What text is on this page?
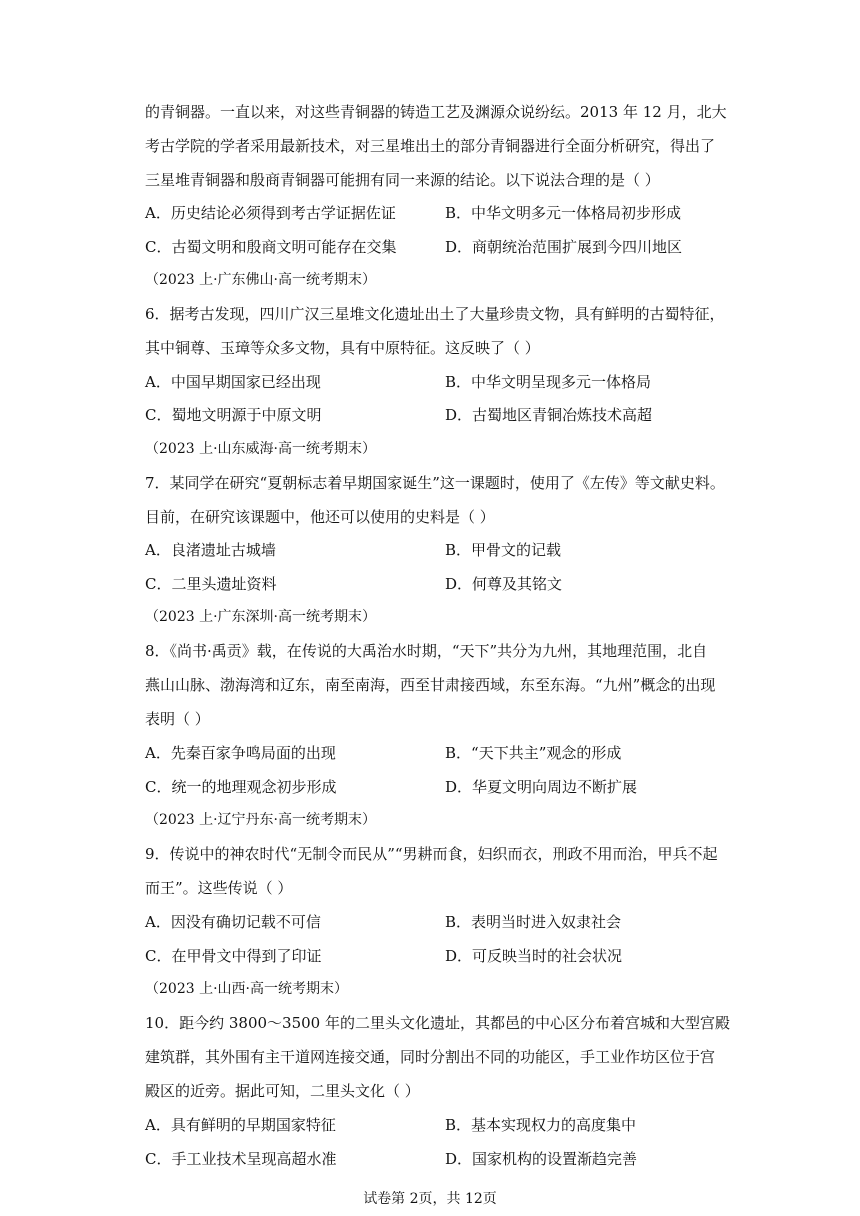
的青铜器。一直以来，对这些青铜器的铸造工艺及渊源众说纷纭。2013 年 12 月，北大
考古学院的学者采用最新技术，对三星堆出土的部分青铜器进行全面分析研究，得出了
三星堆青铜器和殷商青铜器可能拥有同一来源的结论。以下说法合理的是（ ）
A．历史结论必须得到考古学证据佐证	B．中华文明多元一体格局初步形成
C．古蜀文明和殷商文明可能存在交集	D．商朝统治范围扩展到今四川地区
（2023 上·广东佛山·高一统考期末）
6．据考古发现，四川广汉三星堆文化遗址出土了大量珍贵文物，具有鲜明的古蜀特征，
其中铜尊、玉璋等众多文物，具有中原特征。这反映了（ ）
A．中国早期国家已经出现	B．中华文明呈现多元一体格局
C．蜀地文明源于中原文明	D．古蜀地区青铜冶炼技术高超
（2023 上·山东威海·高一统考期末）
7．某同学在研究“夏朝标志着早期国家诞生”这一课题时，使用了《左传》等文献史料。
目前，在研究该课题中，他还可以使用的史料是（ ）
A．良渚遗址古城墙	B．甲骨文的记载
C．二里头遗址资料	D．何尊及其铭文
（2023 上·广东深圳·高一统考期末）
8．《尚书·禹贡》载，在传说的大禹治水时期，“天下”共分为九州，其地理范围，北自
燕山山脉、渤海湾和辽东，南至南海，西至甘肃接西域，东至东海。“九州”概念的出现
表明（ ）
A．先秦百家争鸣局面的出现	B．“天下共主”观念的形成
C．统一的地理观念初步形成	D．华夏文明向周边不断扩展
（2023 上·辽宁丹东·高一统考期末）
9．传说中的神农时代“无制令而民从”“男耕而食，妇织而衣，刑政不用而治，甲兵不起
而王”。这些传说（ ）
A．因没有确切记载不可信	B．表明当时进入奴隶社会
C．在甲骨文中得到了印证	D．可反映当时的社会状况
（2023 上·山西·高一统考期末）
10．距今约 3800～3500 年的二里头文化遗址，其都邑的中心区分布着宫城和大型宫殿
建筑群，其外围有主干道网连接交通，同时分割出不同的功能区，手工业作坊区位于宫
殿区的近旁。据此可知，二里头文化（ ）
A．具有鲜明的早期国家特征	B．基本实现权力的高度集中
C．手工业技术呈现高超水准	D．国家机构的设置渐趋完善
试卷第 2页，共 12页
